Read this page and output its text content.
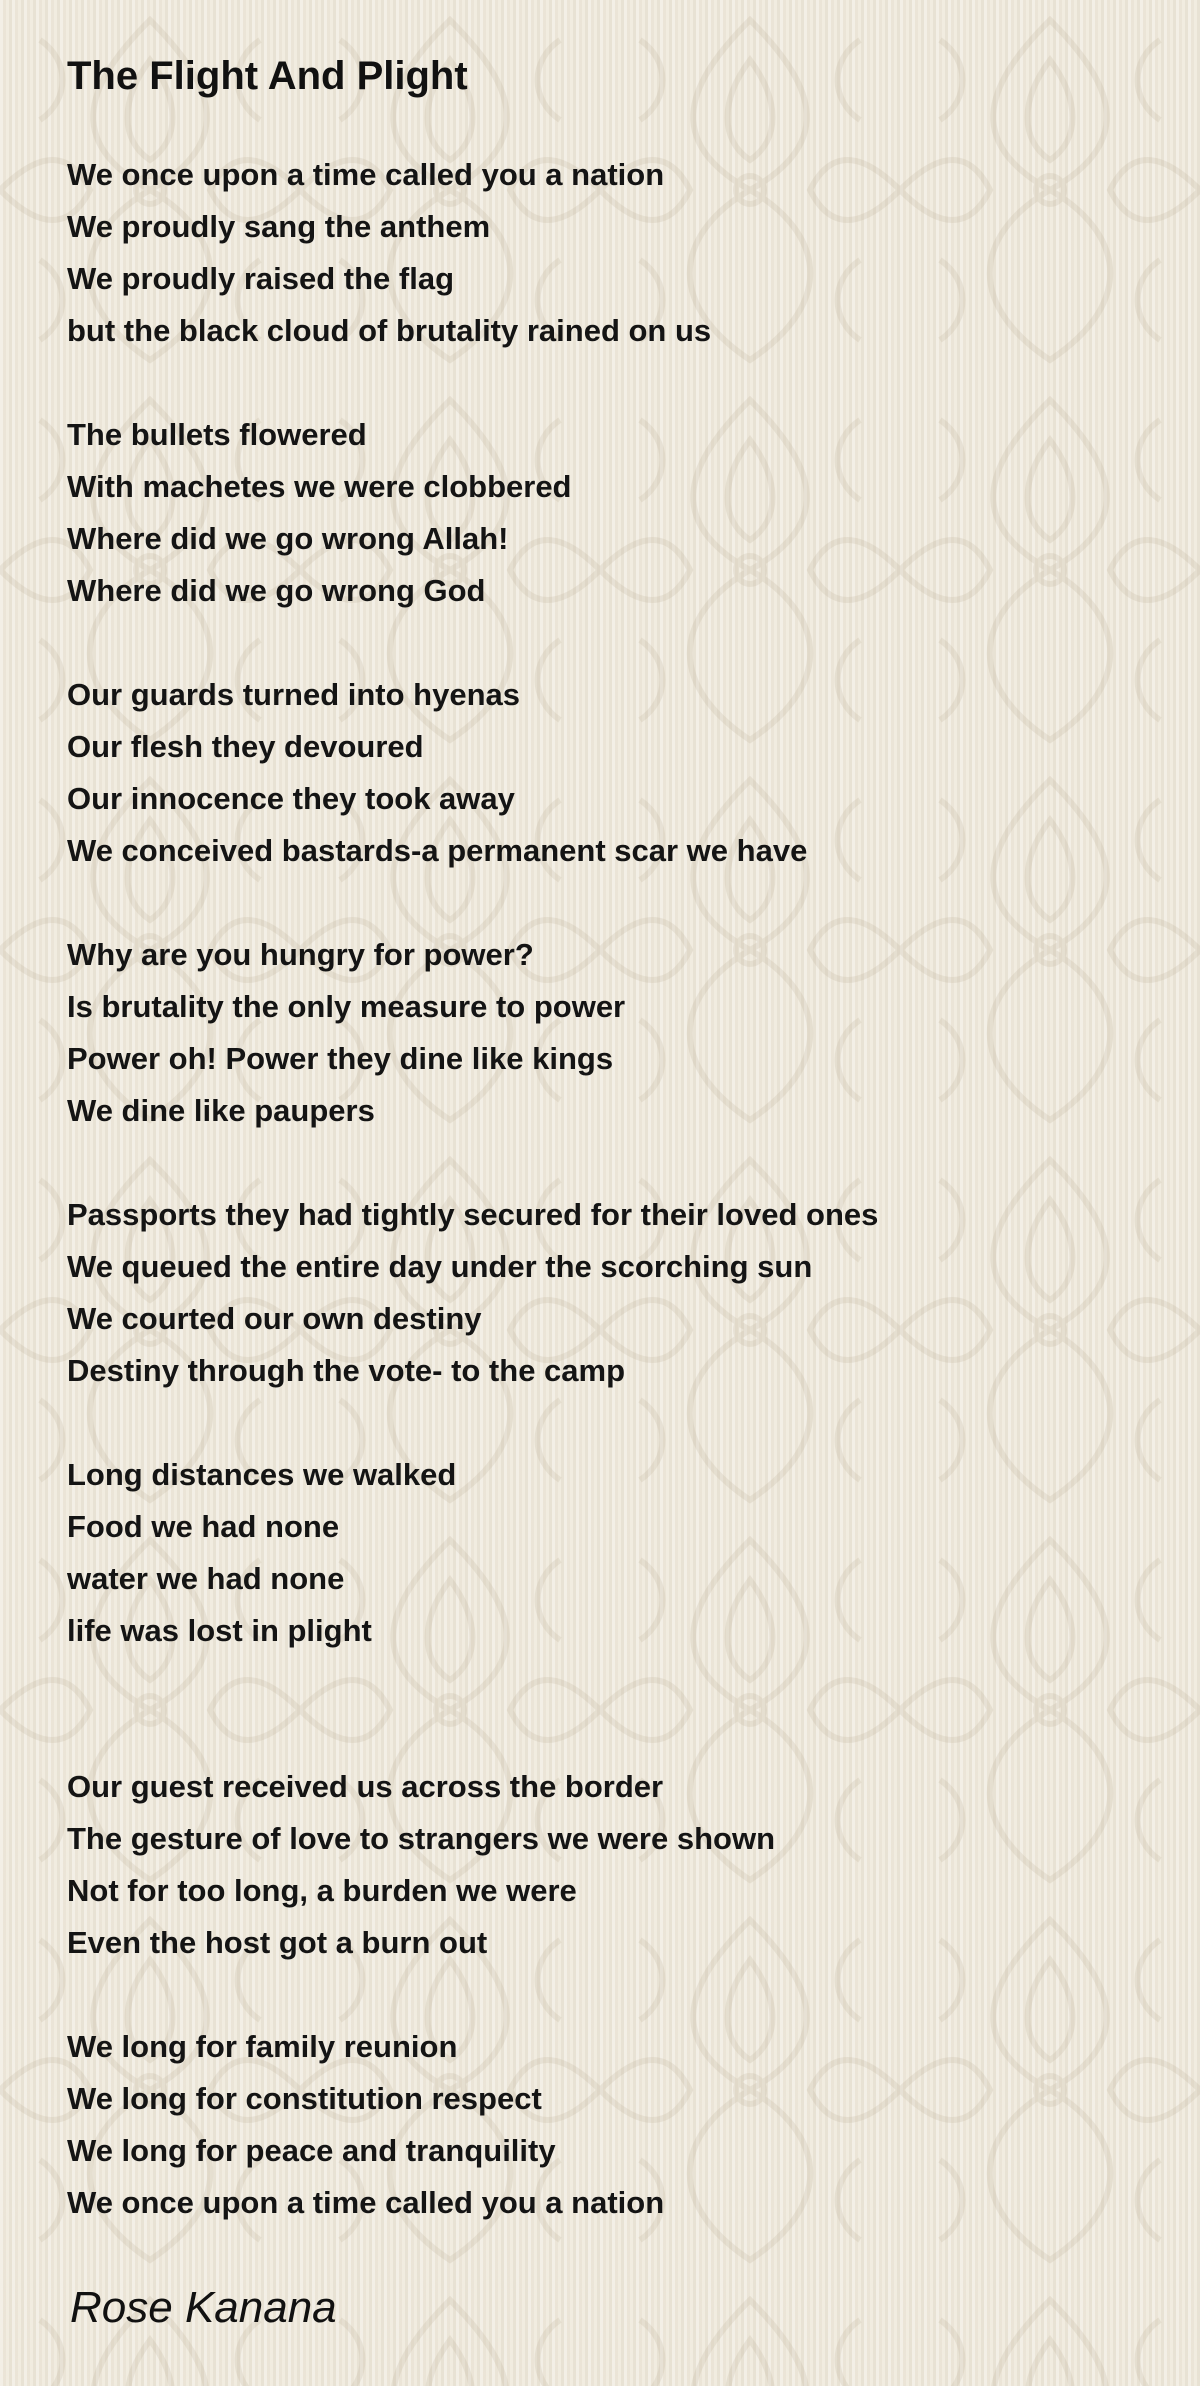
The Flight And Plight
We once upon a time called you a nation
We proudly sang the anthem
We proudly raised the flag
but the black cloud of brutality rained on us
The bullets flowered
With machetes we were clobbered
Where did we go wrong Allah!
Where did we go wrong God
Our guards turned into hyenas
Our flesh they devoured
Our innocence they took away
We conceived bastards-a permanent scar we have
Why are you hungry for power?
Is brutality the only measure to power
Power oh! Power they dine like kings
We dine like paupers
Passports they had tightly secured for their loved ones
We queued the entire day under the scorching sun
We courted our own destiny
Destiny through the vote- to the camp
Long distances we walked
Food we had none
water we had none
life was lost in plight
Our guest received us across the border
The gesture of love to strangers we were shown
Not for too long, a burden we were
Even the host got a burn out
We long for family reunion
We long for constitution respect
We long for peace and tranquility
We once upon a time called you a nation
Rose Kanana
